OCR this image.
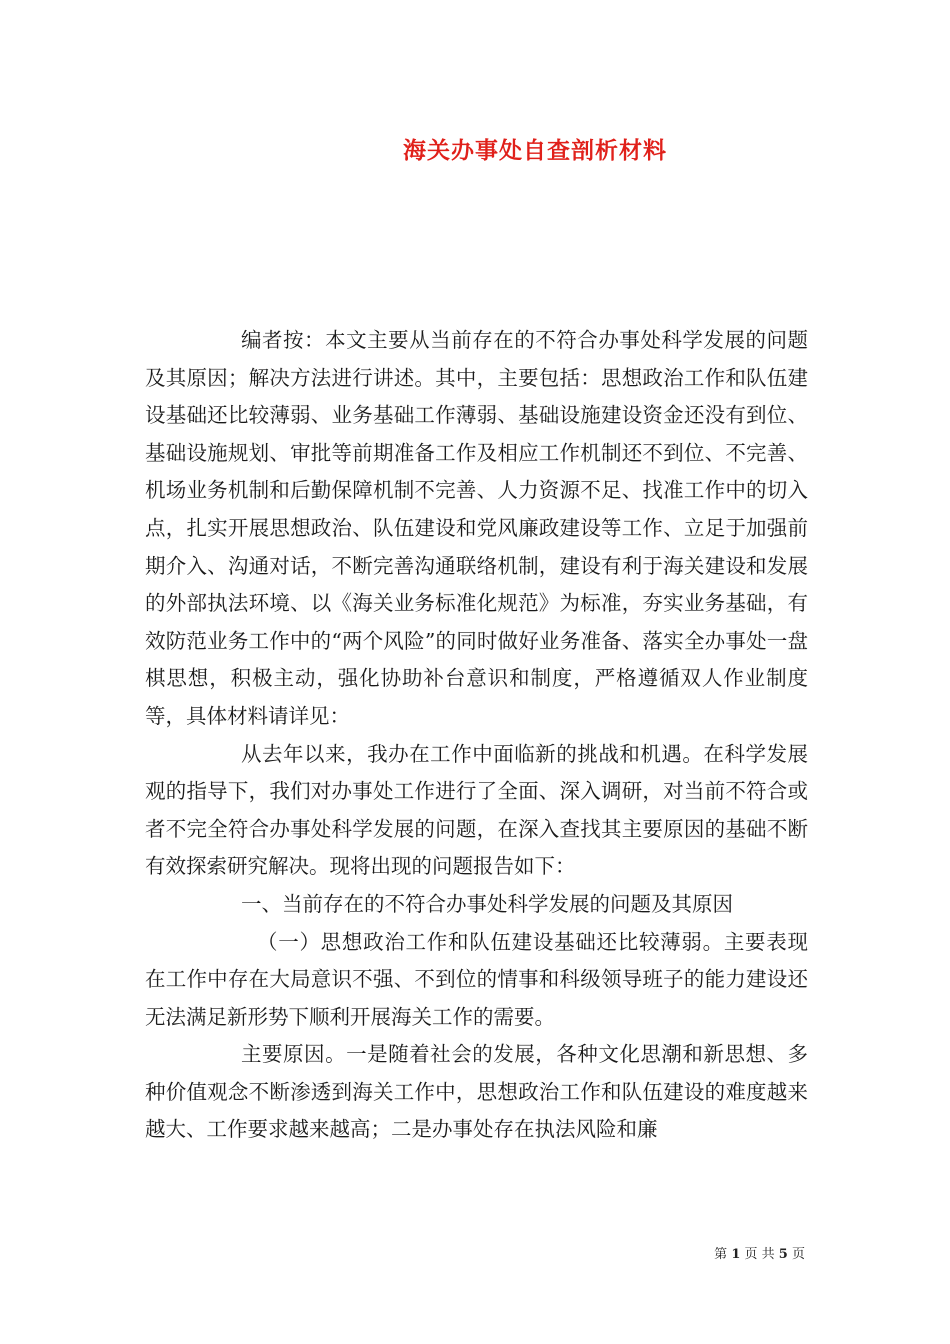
海关办事处自查剖析材料

编者按：本文主要从当前存在的不符合办事处科学发展的问题及其原因；解决方法进行讲述。其中，主要包括：思想政治工作和队伍建设基础还比较薄弱、业务基础工作薄弱、基础设施建设资金还没有到位、基础设施规划、审批等前期准备工作及相应工作机制还不到位、不完善、机场业务机制和后勤保障机制不完善、人力资源不足、找准工作中的切入点，扎实开展思想政治、队伍建设和党风廉政建设等工作、立足于加强前期介入、沟通对话，不断完善沟通联络机制，建设有利于海关建设和发展的外部执法环境、以《海关业务标准化规范》为标准，夯实业务基础，有效防范业务工作中的“两个风险”的同时做好业务准备、落实全办事处一盘棋思想，积极主动，强化协助补台意识和制度，严格遵循双人作业制度等，具体材料请详见：

从去年以来，我办在工作中面临新的挑战和机遇。在科学发展观的指导下，我们对办事处工作进行了全面、深入调研，对当前不符合或者不完全符合办事处科学发展的问题，在深入查找其主要原因的基础不断有效探索研究解决。现将出现的问题报告如下：

一、当前存在的不符合办事处科学发展的问题及其原因

（一）思想政治工作和队伍建设基础还比较薄弱。主要表现在工作中存在大局意识不强、不到位的情事和科级领导班子的能力建设还无法满足新形势下顺利开展海关工作的需要。

主要原因。一是随着社会的发展，各种文化思潮和新思想、多种价值观念不断渗透到海关工作中，思想政治工作和队伍建设的难度越来越大、工作要求越来越高；二是办事处存在执法风险和廉

第 1 页 共 5 页
